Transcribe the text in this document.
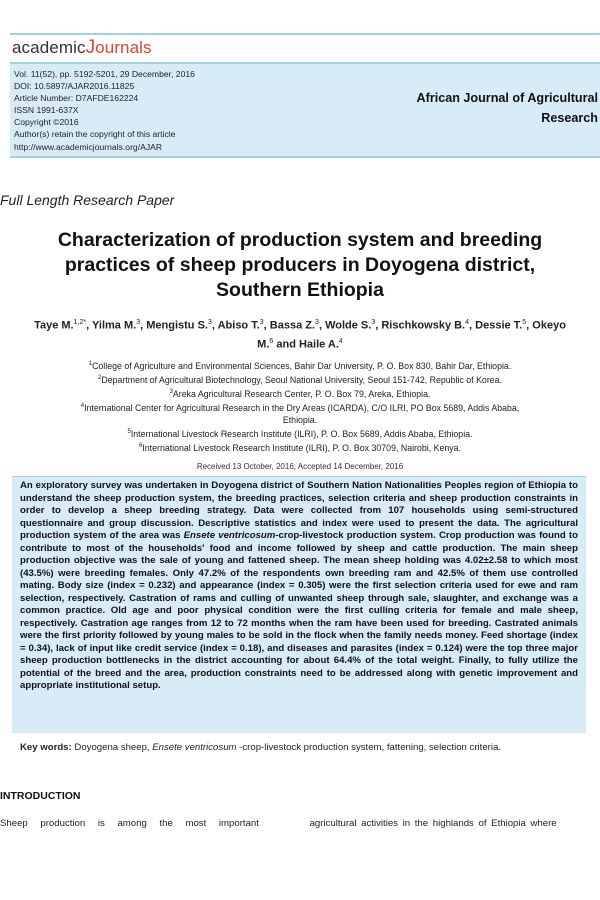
academicJournals
Vol. 11(52), pp. 5192-5201, 29 December, 2016
DOI: 10.5897/AJAR2016.11825
Article Number: D7AFDE162224
ISSN 1991-637X
Copyright ©2016
Author(s) retain the copyright of this article
http://www.academicjournals.org/AJAR
African Journal of Agricultural
Research
Full Length Research Paper
Characterization of production system and breeding practices of sheep producers in Doyogena district, Southern Ethiopia
Taye M.$^{1,2*}$, Yilma M.$^3$, Mengistu S.$^3$, Abiso T.$^3$, Bassa Z.$^3$, Wolde S.$^3$, Rischkowsky B.$^4$, Dessie T.$^5$, Okeyo M.$^6$ and Haile A.$^4$
$^1$College of Agriculture and Environmental Sciences, Bahir Dar University, P. O. Box 830, Bahir Dar, Ethiopia.
$^2$Department of Agricultural Biotechnology, Seoul National University, Seoul 151-742, Republic of Korea.
$^3$Areka Agricultural Research Center, P. O. Box 79, Areka, Ethiopia.
$^4$International Center for Agricultural Research in the Dry Areas (ICARDA), C/O ILRI, PO Box 5689, Addis Ababa,
Ethiopia.
$^5$International Livestock Research Institute (ILRI), P. O. Box 5689, Addis Ababa, Ethiopia.
$^6$International Livestock Research Institute (ILRI), P. O. Box 30709, Nairobi, Kenya.
Received 13 October, 2016; Accepted 14 December, 2016

An exploratory survey was undertaken in Doyogena district of Southern Nation Nationalities Peoples region of Ethiopia to understand the sheep production system, the breeding practices, selection criteria and sheep production constraints in order to develop a sheep breeding strategy. Data were collected from 107 households using semi-structured questionnaire and group discussion. Descriptive statistics and index were used to present the data. The agricultural production system of the area was Ensete ventricosum-crop-livestock production system. Crop production was found to contribute to most of the households' food and income followed by sheep and cattle production. The main sheep production objective was the sale of young and fattened sheep. The mean sheep holding was 4.02±2.58 to which most (43.5%) were breeding females. Only 47.2% of the respondents own breeding ram and 42.5% of them use controlled mating. Body size (index = 0.232) and appearance (index = 0.305) were the first selection criteria used for ewe and ram selection, respectively. Castration of rams and culling of unwanted sheep through sale, slaughter, and exchange was a common practice. Old age and poor physical condition were the first culling criteria for female and male sheep, respectively. Castration age ranges from 12 to 72 months when the ram have been used for breeding. Castrated animals were the first priority followed by young males to be sold in the flock when the family needs money. Feed shortage (index = 0.34), lack of input like credit service (index = 0.18), and diseases and parasites (index = 0.124) were the top three major sheep production bottlenecks in the district accounting for about 64.4% of the total weight. Finally, to fully utilize the potential of the breed and the area, production constraints need to be addressed along with genetic improvement and appropriate institutional setup.

Key words: Doyogena sheep, Ensete ventricosum -crop-livestock production system, fattening, selection criteria.
INTRODUCTION
Sheep production is among the most important	agricultural activities in the highlands of Ethiopia where
